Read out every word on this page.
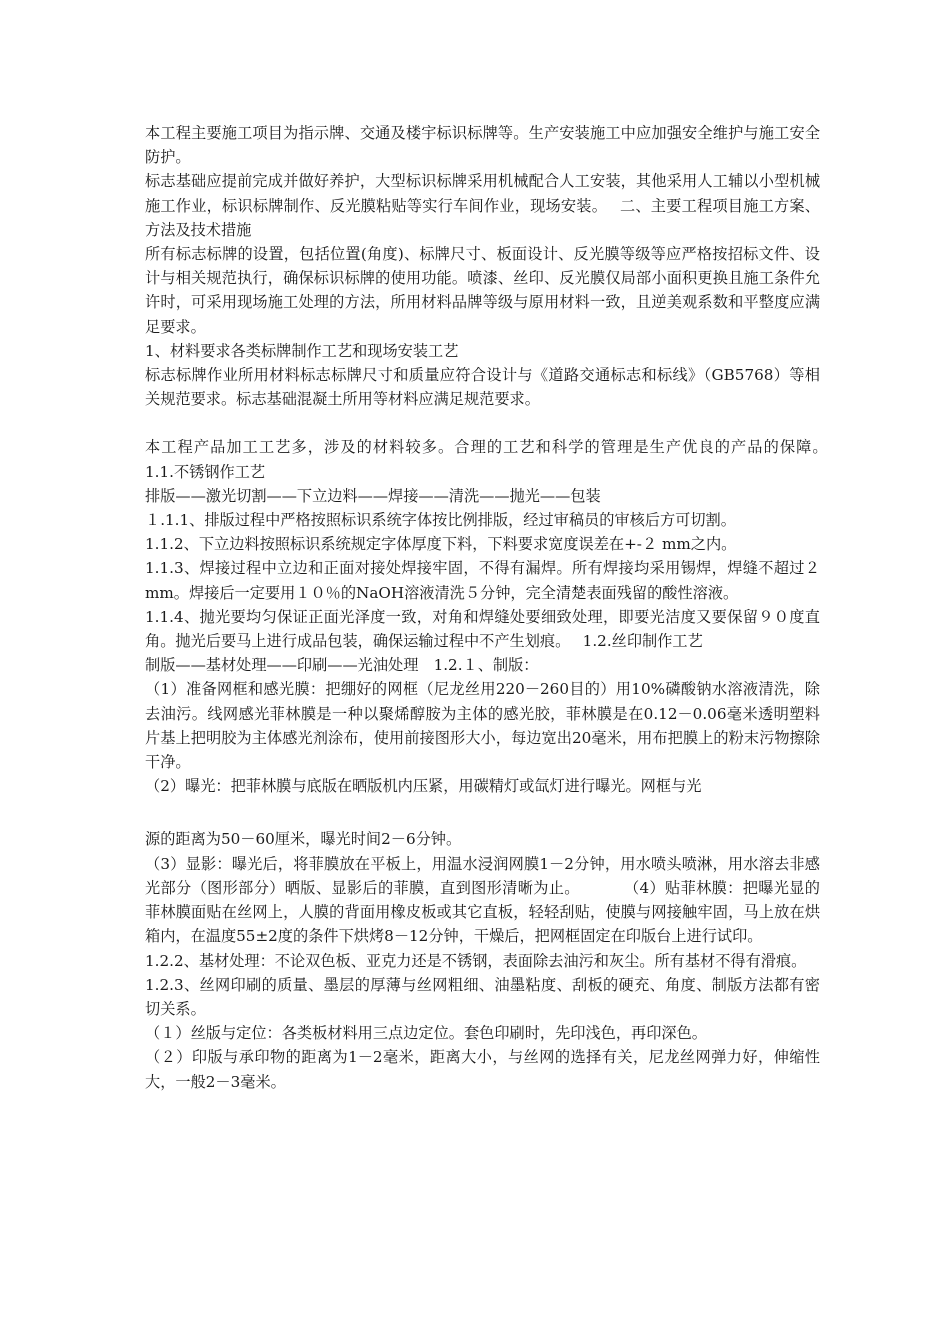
本工程主要施工项目为指示牌、交通及楼宇标识标牌等。生产安装施工中应加强安全维护与施工安全防护。

标志基础应提前完成并做好养护，大型标识标牌采用机械配合人工安装，其他采用人工辅以小型机械施工作业，标识标牌制作、反光膜粘贴等实行车间作业，现场安装。　 二、主要工程项目施工方案、方法及技术措施

所有标志标牌的设置，包括位置(角度)、标牌尺寸、板面设计、反光膜等级等应严格按招标文件、设计与相关规范执行，确保标识标牌的使用功能。喷漆、丝印、反光膜仅局部小面积更换且施工条件允许时，可采用现场施工处理的方法，所用材料品牌等级与原用材料一致，且逆美观系数和平整度应满足要求。

1、材料要求各类标牌制作工艺和现场安装工艺

标志标牌作业所用材料标志标牌尺寸和质量应符合设计与《道路交通标志和标线》（GB5768）等相关规范要求。标志基础混凝土所用等材料应满足规范要求。

本工程产品加工工艺多，涉及的材料较多。合理的工艺和科学的管理是生产优良的产品的保障。　 1.1.不锈钢作工艺

排版——激光切割——下立边料——焊接——清洗——抛光——包装

１.1.1、排版过程中严格按照标识系统字体按比例排版，经过审稿员的审核后方可切割。

1.1.2、下立边料按照标识系统规定字体厚度下料，下料要求宽度误差在+-２ mm之内。

1.1.3、焊接过程中立边和正面对接处焊接牢固，不得有漏焊。所有焊接均采用锡焊，焊缝不超过２ mm。焊接后一定要用１０％的NaOH溶液清洗５分钟，完全清楚表面残留的酸性溶液。

1.1.4、抛光要均匀保证正面光泽度一致，对角和焊缝处要细致处理，即要光洁度又要保留９０度直角。抛光后要马上进行成品包装，确保运输过程中不产生划痕。　 1.2.丝印制作工艺

制版——基材处理——印刷——光油处理　1.2.１、制版：

（1）准备网框和感光膜：把绷好的网框（尼龙丝用220－260目的）用10%磷酸钠水溶液清洗，除去油污。线网感光菲林膜是一种以聚烯醇胺为主体的感光胶，菲林膜是在0.12－0.06毫米透明塑料片基上把明胶为主体感光剂涂布，使用前接图形大小，每边宽出20毫米，用布把膜上的粉末污物擦除干净。

（2）曝光：把菲林膜与底版在晒版机内压紧，用碳精灯或氙灯进行曝光。网框与光

源的距离为50－60厘米，曝光时间2－6分钟。

（3）显影：曝光后，将菲膜放在平板上，用温水浸润网膜1－2分钟，用水喷头喷淋，用水溶去非感光部分（图形部分）晒版、显影后的菲膜，直到图形清晰为止。　　　 （4）贴菲林膜：把曝光显的菲林膜面贴在丝网上，人膜的背面用橡皮板或其它直板，轻轻刮贴，使膜与网接触牢固，马上放在烘箱内，在温度55±2度的条件下烘烤8－12分钟，干燥后，把网框固定在印版台上进行试印。

1.2.2、基材处理：不论双色板、亚克力还是不锈钢，表面除去油污和灰尘。所有基材不得有滑痕。

1.2.3、丝网印刷的质量、墨层的厚薄与丝网粗细、油墨粘度、刮板的硬充、角度、制版方法都有密切关系。

（１）丝版与定位：各类板材料用三点边定位。套色印刷时，先印浅色，再印深色。

（２）印版与承印物的距离为1－2毫米，距离大小，与丝网的选择有关，尼龙丝网弹力好，伸缩性大，一般2－3毫米。
